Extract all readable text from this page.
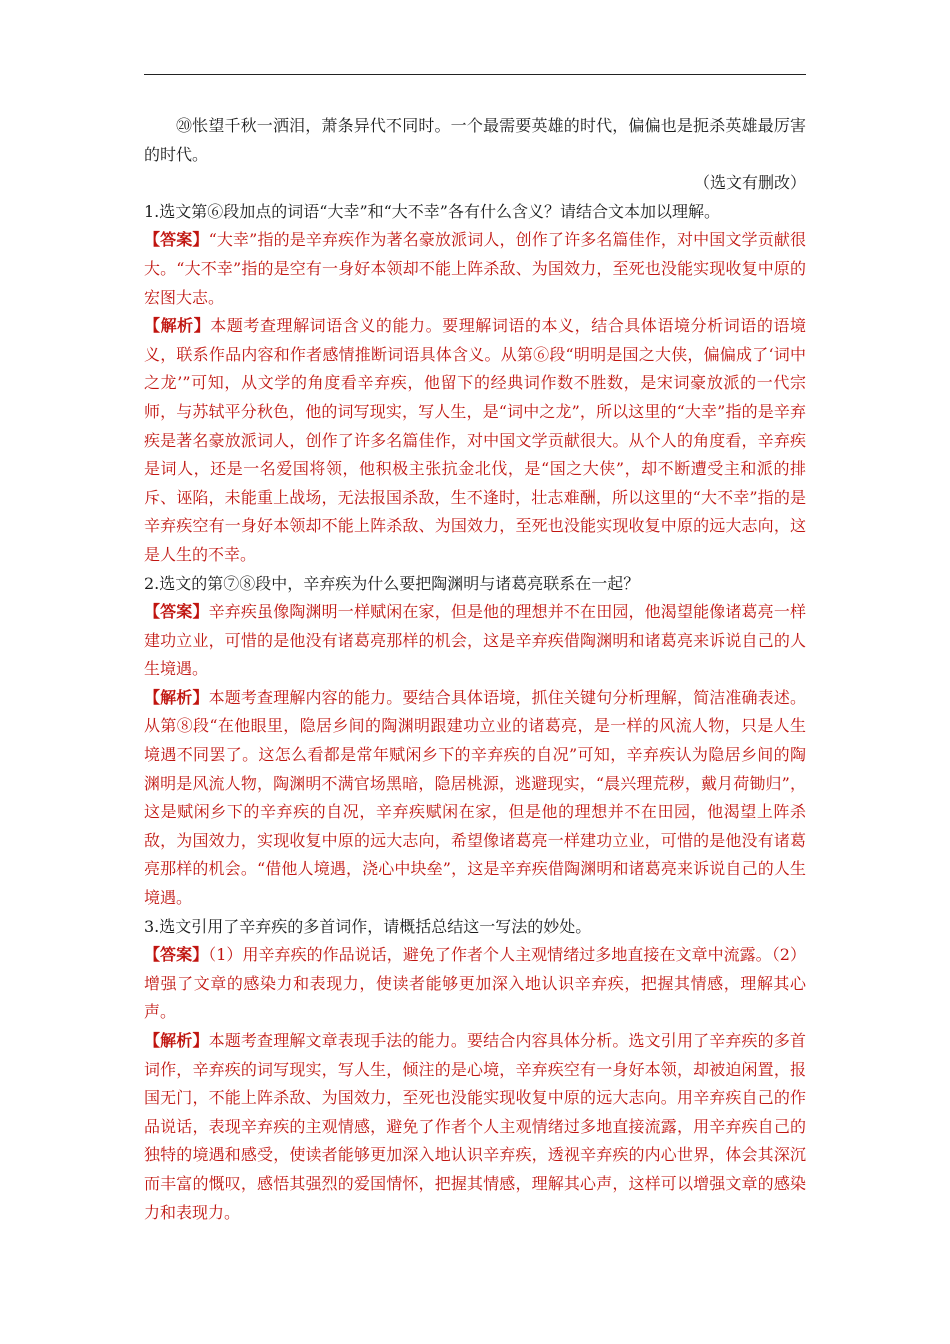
⑳怅望千秋一洒泪，萧条异代不同时。一个最需要英雄的时代，偏偏也是扼杀英雄最厉害的时代。

（选文有删改）

1.选文第⑥段加点的词语“大幸”和“大不幸”各有什么含义？请结合文本加以理解。

【答案】“大幸”指的是辛弃疾作为著名豪放派词人，创作了许多名篇佳作，对中国文学贡献很大。“大不幸”指的是空有一身好本领却不能上阵杀敌、为国效力，至死也没能实现收复中原的宏图大志。

【解析】本题考查理解词语含义的能力。要理解词语的本义，结合具体语境分析词语的语境义，联系作品内容和作者感情推断词语具体含义。从第⑥段“明明是国之大侠，偏偏成了‘词中之龙’”可知，从文学的角度看辛弃疾，他留下的经典词作数不胜数，是宋词豪放派的一代宗师，与苏轼平分秋色，他的词写现实，写人生，是“词中之龙”，所以这里的“大幸”指的是辛弃疾是著名豪放派词人，创作了许多名篇佳作，对中国文学贡献很大。从个人的角度看，辛弃疾是词人，还是一名爱国将领，他积极主张抗金北伐，是“国之大侠”，却不断遭受主和派的排斥、诬陷，未能重上战场，无法报国杀敌，生不逢时，壮志难酬，所以这里的“大不幸”指的是辛弃疾空有一身好本领却不能上阵杀敌、为国效力，至死也没能实现收复中原的远大志向，这是人生的不幸。

2.选文的第⑦⑧段中，辛弃疾为什么要把陶渊明与诸葛亮联系在一起？

【答案】辛弃疾虽像陶渊明一样赋闲在家，但是他的理想并不在田园，他渴望能像诸葛亮一样建功立业，可惜的是他没有诸葛亮那样的机会，这是辛弃疾借陶渊明和诸葛亮来诉说自己的人生境遇。

【解析】本题考查理解内容的能力。要结合具体语境，抓住关键句分析理解，简洁准确表述。从第⑧段“在他眼里，隐居乡间的陶渊明跟建功立业的诸葛亮，是一样的风流人物，只是人生境遇不同罢了。这怎么看都是常年赋闲乡下的辛弃疾的自况”可知，辛弃疾认为隐居乡间的陶渊明是风流人物，陶渊明不满官场黑暗，隐居桃源，逃避现实，“晨兴理荒秽，戴月荷锄归”，这是赋闲乡下的辛弃疾的自况，辛弃疾赋闲在家，但是他的理想并不在田园，他渴望上阵杀敌，为国效力，实现收复中原的远大志向，希望像诸葛亮一样建功立业，可惜的是他没有诸葛亮那样的机会。“借他人境遇，浇心中块垒”，这是辛弃疾借陶渊明和诸葛亮来诉说自己的人生境遇。

3.选文引用了辛弃疾的多首词作，请概括总结这一写法的妙处。

【答案】（1）用辛弃疾的作品说话，避免了作者个人主观情绪过多地直接在文章中流露。（2）增强了文章的感染力和表现力，使读者能够更加深入地认识辛弃疾，把握其情感，理解其心声。

【解析】本题考查理解文章表现手法的能力。要结合内容具体分析。选文引用了辛弃疾的多首词作，辛弃疾的词写现实，写人生，倾注的是心境，辛弃疾空有一身好本领，却被迫闲置，报国无门，不能上阵杀敌、为国效力，至死也没能实现收复中原的远大志向。用辛弃疾自己的作品说话，表现辛弃疾的主观情感，避免了作者个人主观情绪过多地直接流露，用辛弃疾自己的独特的境遇和感受，使读者能够更加深入地认识辛弃疾，透视辛弃疾的内心世界，体会其深沉而丰富的慨叹，感悟其强烈的爱国情怀，把握其情感，理解其心声，这样可以增强文章的感染力和表现力。
